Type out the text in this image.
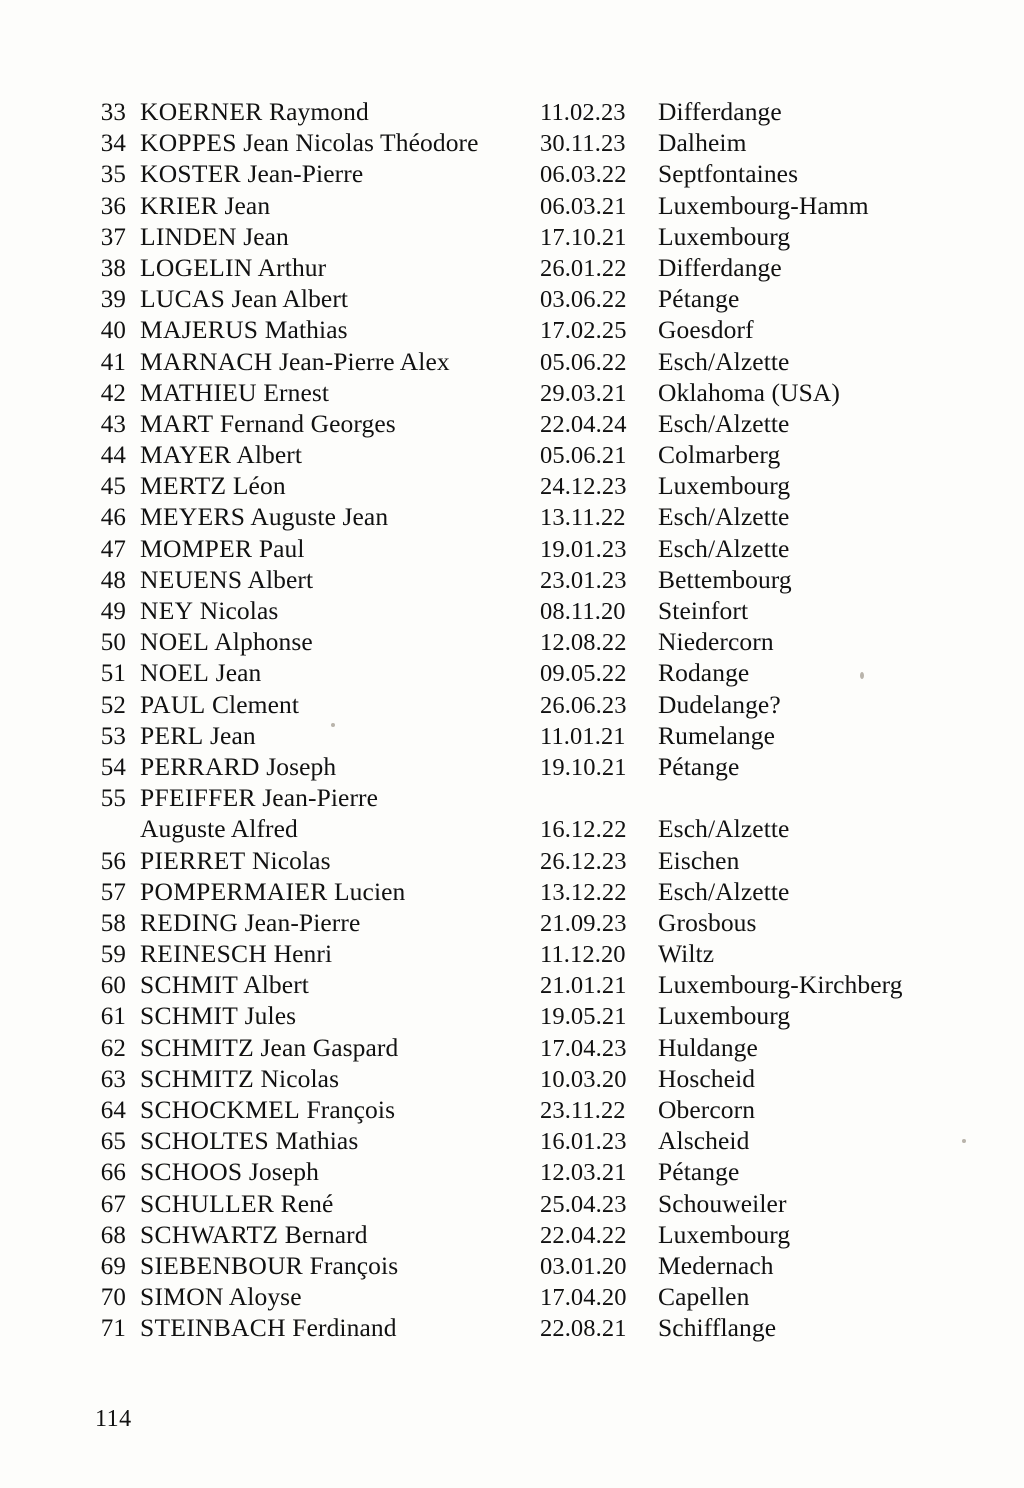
33 KOERNER Raymond	11.02.23	Differdange
34 KOPPES Jean Nicolas Théodore	30.11.23	Dalheim
35 KOSTER Jean-Pierre	06.03.22	Septfontaines
36 KRIER Jean	06.03.21	Luxembourg-Hamm
37 LINDEN Jean	17.10.21	Luxembourg
38 LOGELIN Arthur	26.01.22	Differdange
39 LUCAS Jean Albert	03.06.22	Pétange
40 MAJERUS Mathias	17.02.25	Goesdorf
41 MARNACH Jean-Pierre Alex	05.06.22	Esch/Alzette
42 MATHIEU Ernest	29.03.21	Oklahoma (USA)
43 MART Fernand Georges	22.04.24	Esch/Alzette
44 MAYER Albert	05.06.21	Colmarberg
45 MERTZ Léon	24.12.23	Luxembourg
46 MEYERS Auguste Jean	13.11.22	Esch/Alzette
47 MOMPER Paul	19.01.23	Esch/Alzette
48 NEUENS Albert	23.01.23	Bettembourg
49 NEY Nicolas	08.11.20	Steinfort
50 NOEL Alphonse	12.08.22	Niedercorn
51 NOEL Jean	09.05.22	Rodange
52 PAUL Clement	26.06.23	Dudelange?
53 PERL Jean	11.01.21	Rumelange
54 PERRARD Joseph	19.10.21	Pétange
55 PFEIFFER Jean-Pierre
Auguste Alfred	16.12.22	Esch/Alzette
56 PIERRET Nicolas	26.12.23	Eischen
57 POMPERMAIER Lucien	13.12.22	Esch/Alzette
58 REDING Jean-Pierre	21.09.23	Grosbous
59 REINESCH Henri	11.12.20	Wiltz
60 SCHMIT Albert	21.01.21	Luxembourg-Kirchberg
61 SCHMIT Jules	19.05.21	Luxembourg
62 SCHMITZ Jean Gaspard	17.04.23	Huldange
63 SCHMITZ Nicolas	10.03.20	Hoscheid
64 SCHOCKMEL François	23.11.22	Obercorn
65 SCHOLTES Mathias	16.01.23	Alscheid
66 SCHOOS Joseph	12.03.21	Pétange
67 SCHULLER René	25.04.23	Schouweiler
68 SCHWARTZ Bernard	22.04.22	Luxembourg
69 SIEBENBOUR François	03.01.20	Medernach
70 SIMON Aloyse	17.04.20	Capellen
71 STEINBACH Ferdinand	22.08.21	Schifflange
114
